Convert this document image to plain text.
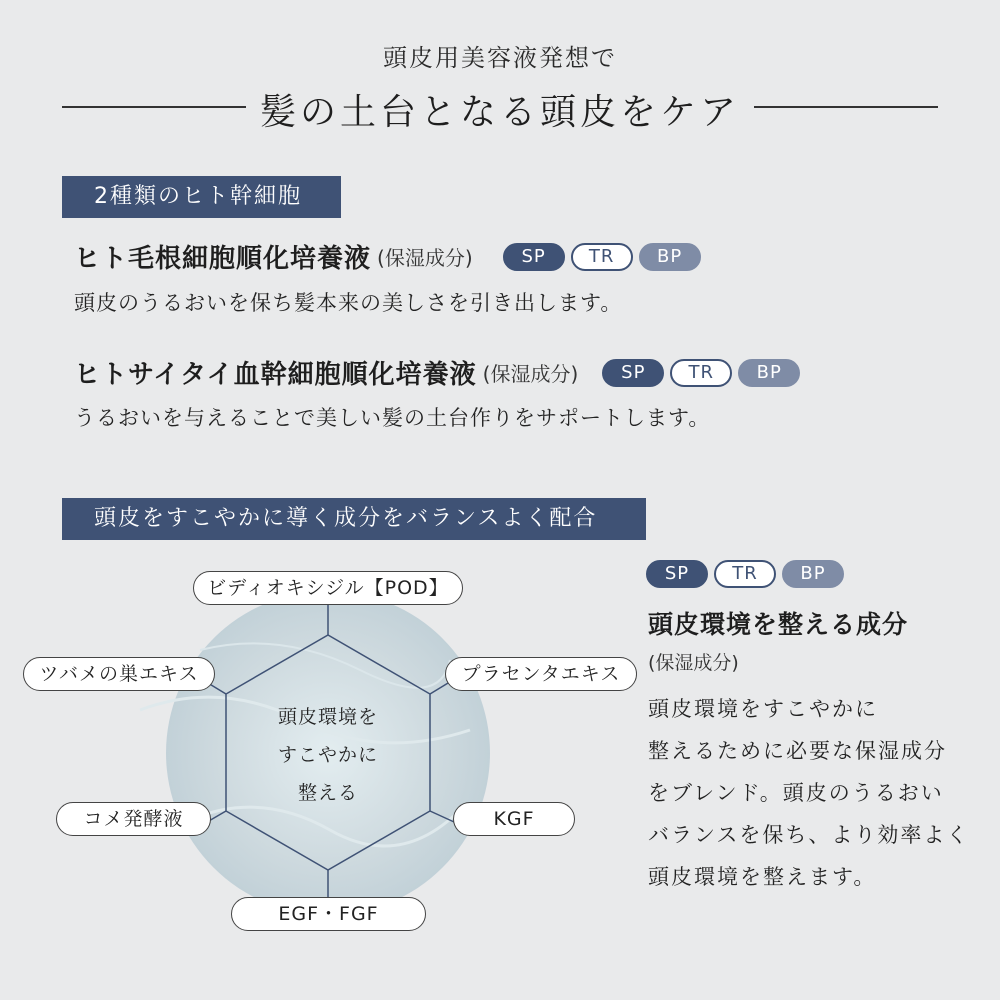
頭皮用美容液発想で
髪の土台となる頭皮をケア
2種類のヒト幹細胞
ヒト毛根細胞順化培養液 (保湿成分)	SP	TR	BP
頭皮のうるおいを保ち髪本来の美しさを引き出します。
ヒトサイタイ血幹細胞順化培養液 (保湿成分)	SP	TR	BP
うるおいを与えることで美しい髪の土台作りをサポートします。
頭皮をすこやかに導く成分をバランスよく配合
頭皮環境を
すこやかに
整える
ビディオキシジル【POD】
プラセンタエキス
KGF
EGF・FGF
コメ発酵液
ツバメの巣エキス
SP	TR	BP
頭皮環境を整える成分
(保湿成分)
頭皮環境をすこやかに
整えるために必要な保湿成分
をブレンド。頭皮のうるおい
バランスを保ち、より効率よく
頭皮環境を整えます。
